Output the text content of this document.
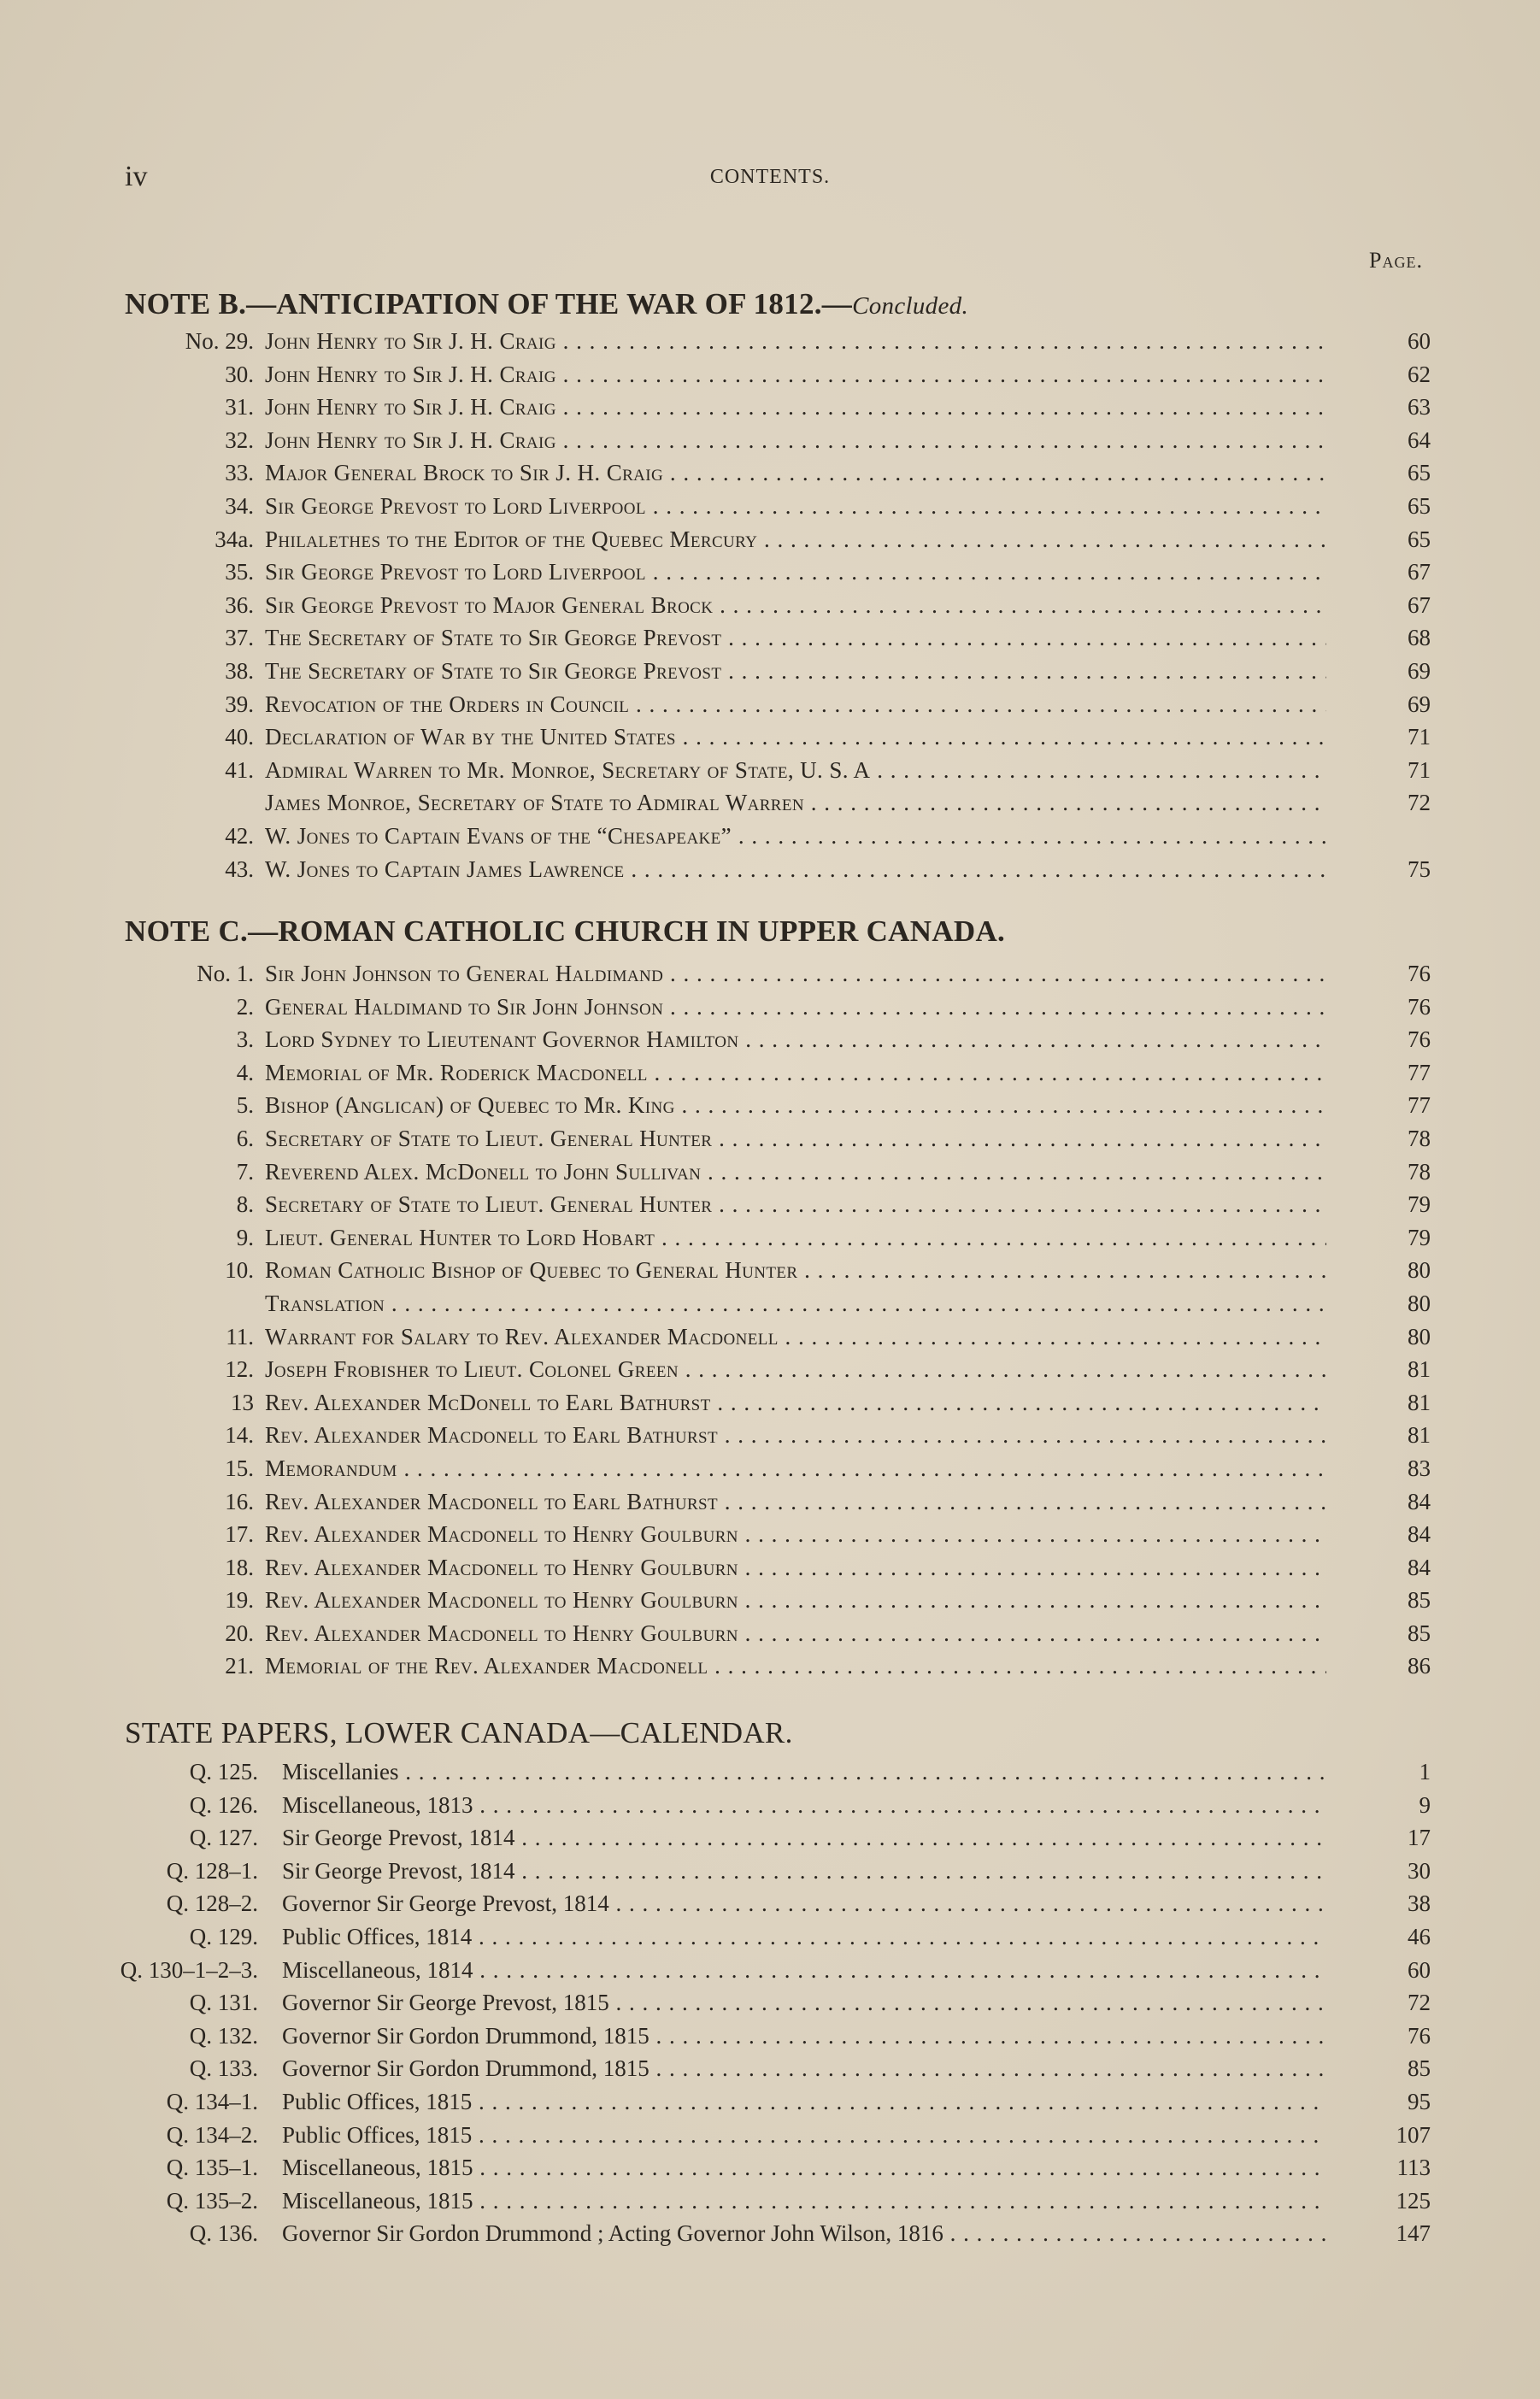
iv	CONTENTS.
Page.
NOTE B.—ANTICIPATION OF THE WAR OF 1812.—Concluded.
No. 29. John Henry to Sir J. H. Craig . . .	60
30. John Henry to Sir J. H. Craig . . .	62
31. John Henry to Sir J. H. Craig . . .	63
32. John Henry to Sir J. H. Craig . . .	64
33. Major General Brock to Sir J. H. Craig . . .	65
34. Sir George Prevost to Lord Liverpool . . .	65
34a. Philalethes to the Editor of the Quebec Mercury . . .	65
35. Sir George Prevost to Lord Liverpool . . .	67
36. Sir George Prevost to Major General Brock . . .	67
37. The Secretary of State to Sir George Prevost . . .	68
38. The Secretary of State to Sir George Prevost . . .	69
39. Revocation of the Orders in Council . . .	69
40. Declaration of War by the United States . . .	71
41. Admiral Warren to Mr. Monroe, Secretary of State, U. S. A . . .	71
James Monroe, Secretary of State to Admiral Warren . . .	72
42. W. Jones to Captain Evans of the “Chesapeake” . . .
43. W. Jones to Captain James Lawrence . . .	75
NOTE C.—ROMAN CATHOLIC CHURCH IN UPPER CANADA.
No. 1. Sir John Johnson to General Haldimand . . .	76
2. General Haldimand to Sir John Johnson . . .	76
3. Lord Sydney to Lieutenant Governor Hamilton . . .	76
4. Memorial of Mr. Roderick Macdonell . . .	77
5. Bishop (Anglican) of Quebec to Mr. King . . .	77
6. Secretary of State to Lieut. General Hunter . . .	78
7. Reverend Alex. McDonell to John Sullivan . . .	78
8. Secretary of State to Lieut. General Hunter . . .	79
9. Lieut. General Hunter to Lord Hobart . . .	79
10. Roman Catholic Bishop of Quebec to General Hunter . . .	80
Translation . . .	80
11. Warrant for Salary to Rev. Alexander Macdonell . . .	80
12. Joseph Frobisher to Lieut. Colonel Green . . .	81
13 Rev. Alexander McDonell to Earl Bathurst . . .	81
14. Rev. Alexander Macdonell to Earl Bathurst . . .	81
15. Memorandum . . .	83
16. Rev. Alexander Macdonell to Earl Bathurst . . .	84
17. Rev. Alexander Macdonell to Henry Goulburn . . .	84
18. Rev. Alexander Macdonell to Henry Goulburn . . .	84
19. Rev. Alexander Macdonell to Henry Goulburn . . .	85
20. Rev. Alexander Macdonell to Henry Goulburn . . .	85
21. Memorial of the Rev. Alexander Macdonell . . .	86
STATE PAPERS, LOWER CANADA—CALENDAR.
Q. 125. Miscellanies . . .	1
Q. 126. Miscellaneous, 1813 . . .	9
Q. 127. Sir George Prevost, 1814 . . .	17
Q. 128–1. Sir George Prevost, 1814 . . .	30
Q. 128–2. Governor Sir George Prevost, 1814 . . .	38
Q. 129. Public Offices, 1814 . . .	46
Q. 130–1–2–3. Miscellaneous, 1814 . . .	60
Q. 131. Governor Sir George Prevost, 1815 . . .	72
Q. 132. Governor Sir Gordon Drummond, 1815 . . .	76
Q. 133. Governor Sir Gordon Drummond, 1815 . . .	85
Q. 134–1. Public Offices, 1815 . . .	95
Q. 134–2. Public Offices, 1815 . . .	107
Q. 135–1. Miscellaneous, 1815 . . .	113
Q. 135–2. Miscellaneous, 1815 . . .	125
Q. 136. Governor Sir Gordon Drummond ; Acting Governor John Wilson, 1816 . . .	147
